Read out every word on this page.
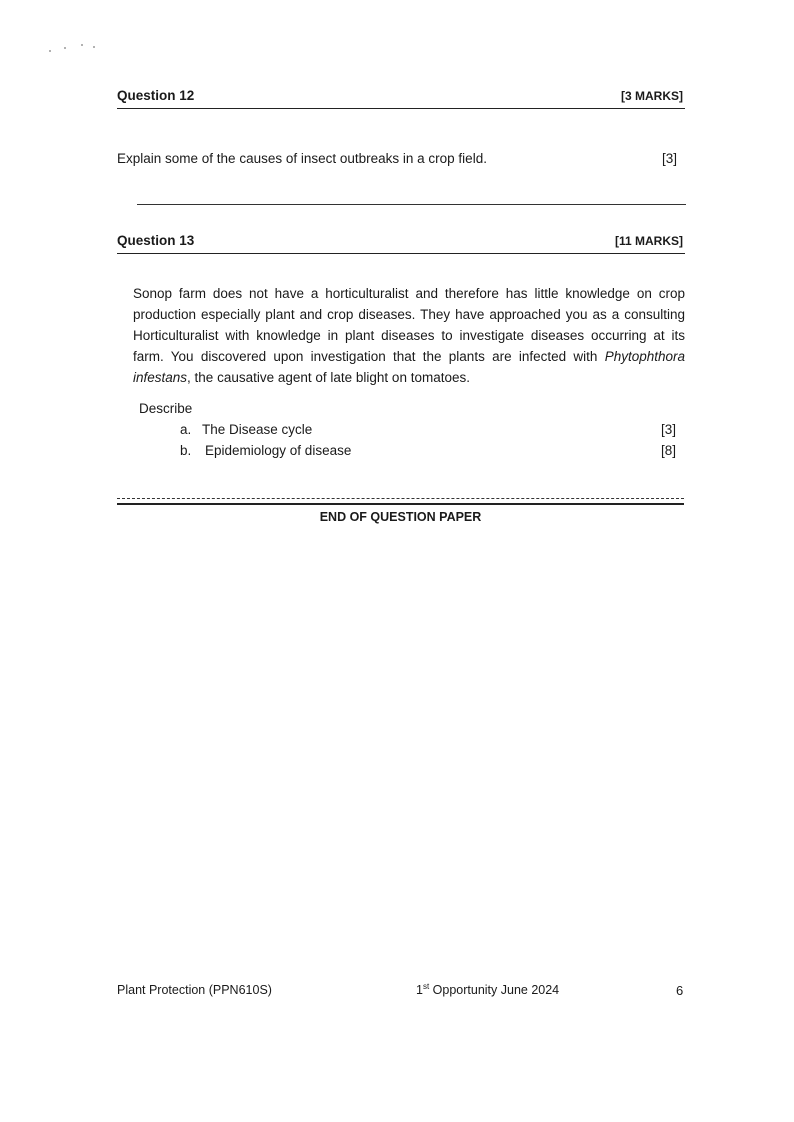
Question 12	[3 MARKS]
Explain some of the causes of insect outbreaks in a crop field.	[3]
Question 13	[11 MARKS]
Sonop farm does not have a horticulturalist and therefore has little knowledge on crop production especially plant and crop diseases. They have approached you as a consulting Horticulturalist with knowledge in plant diseases to investigate diseases occurring at its farm. You discovered upon investigation that the plants are infected with Phytophthora infestans, the causative agent of late blight on tomatoes.
Describe
a. The Disease cycle	[3]
b. Epidemiology of disease	[8]
END OF QUESTION PAPER
Plant Protection (PPN610S)	1st Opportunity June 2024	6
